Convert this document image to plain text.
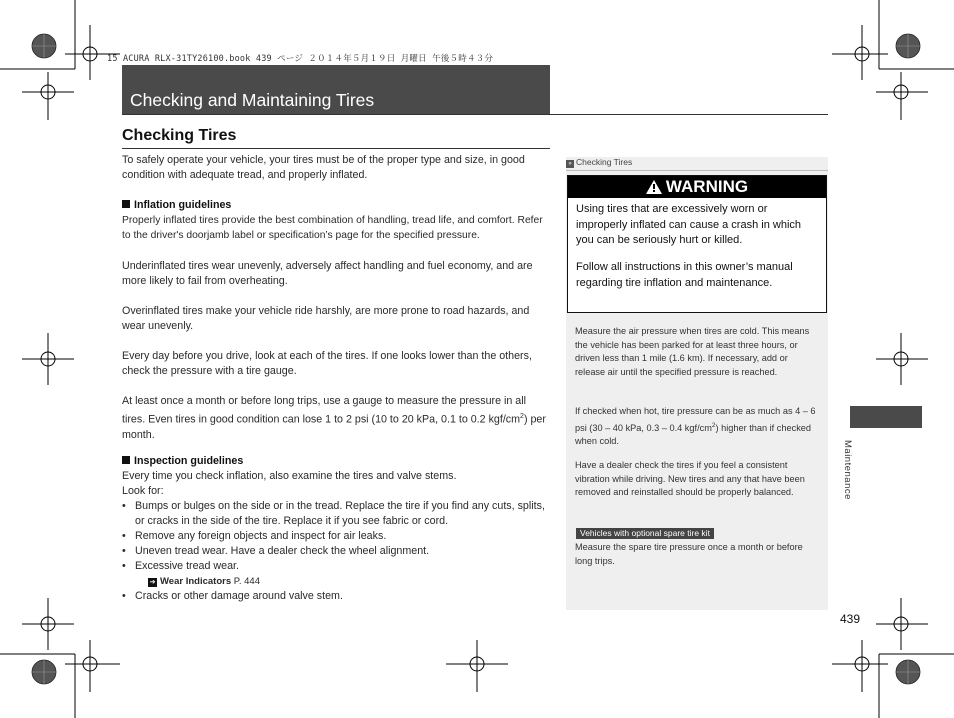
15 ACURA RLX-31TY26100.book 439 ページ ２０１４年５月１９日 月曜日 午後５時４３分
Checking and Maintaining Tires
Checking Tires
To safely operate your vehicle, your tires must be of the proper type and size, in good condition with adequate tread, and properly inflated.
Inflation guidelines
Properly inflated tires provide the best combination of handling, tread life, and comfort. Refer to the driver's doorjamb label or specification’s page for the specified pressure.
Underinflated tires wear unevenly, adversely affect handling and fuel economy, and are more likely to fail from overheating.
Overinflated tires make your vehicle ride harshly, are more prone to road hazards, and wear unevenly.
Every day before you drive, look at each of the tires. If one looks lower than the others, check the pressure with a tire gauge.
At least once a month or before long trips, use a gauge to measure the pressure in all tires. Even tires in good condition can lose 1 to 2 psi (10 to 20 kPa, 0.1 to 0.2 kgf/$cm^2$) per month.
Inspection guidelines
Every time you check inflation, also examine the tires and valve stems.
Look for:
• Bumps or bulges on the side or in the tread. Replace the tire if you find any cuts, splits, or cracks in the side of the tire. Replace it if you see fabric or cord.
• Remove any foreign objects and inspect for air leaks.
• Uneven tread wear. Have a dealer check the wheel alignment.
• Excessive tread wear.
➔ Wear Indicators P. 444
• Cracks or other damage around valve stem.
» Checking Tires
WARNING
Using tires that are excessively worn or improperly inflated can cause a crash in which you can be seriously hurt or killed.
Follow all instructions in this owner’s manual regarding tire inflation and maintenance.
Measure the air pressure when tires are cold. This means the vehicle has been parked for at least three hours, or driven less than 1 mile (1.6 km). If necessary, add or release air until the specified pressure is reached.
If checked when hot, tire pressure can be as much as 4 – 6 psi (30 – 40 kPa, 0.3 – 0.4 kgf/$cm^2$) higher than if checked when cold.
Have a dealer check the tires if you feel a consistent vibration while driving. New tires and any that have been removed and reinstalled should be properly balanced.
Vehicles with optional spare tire kit
Measure the spare tire pressure once a month or before long trips.
Maintenance
439
